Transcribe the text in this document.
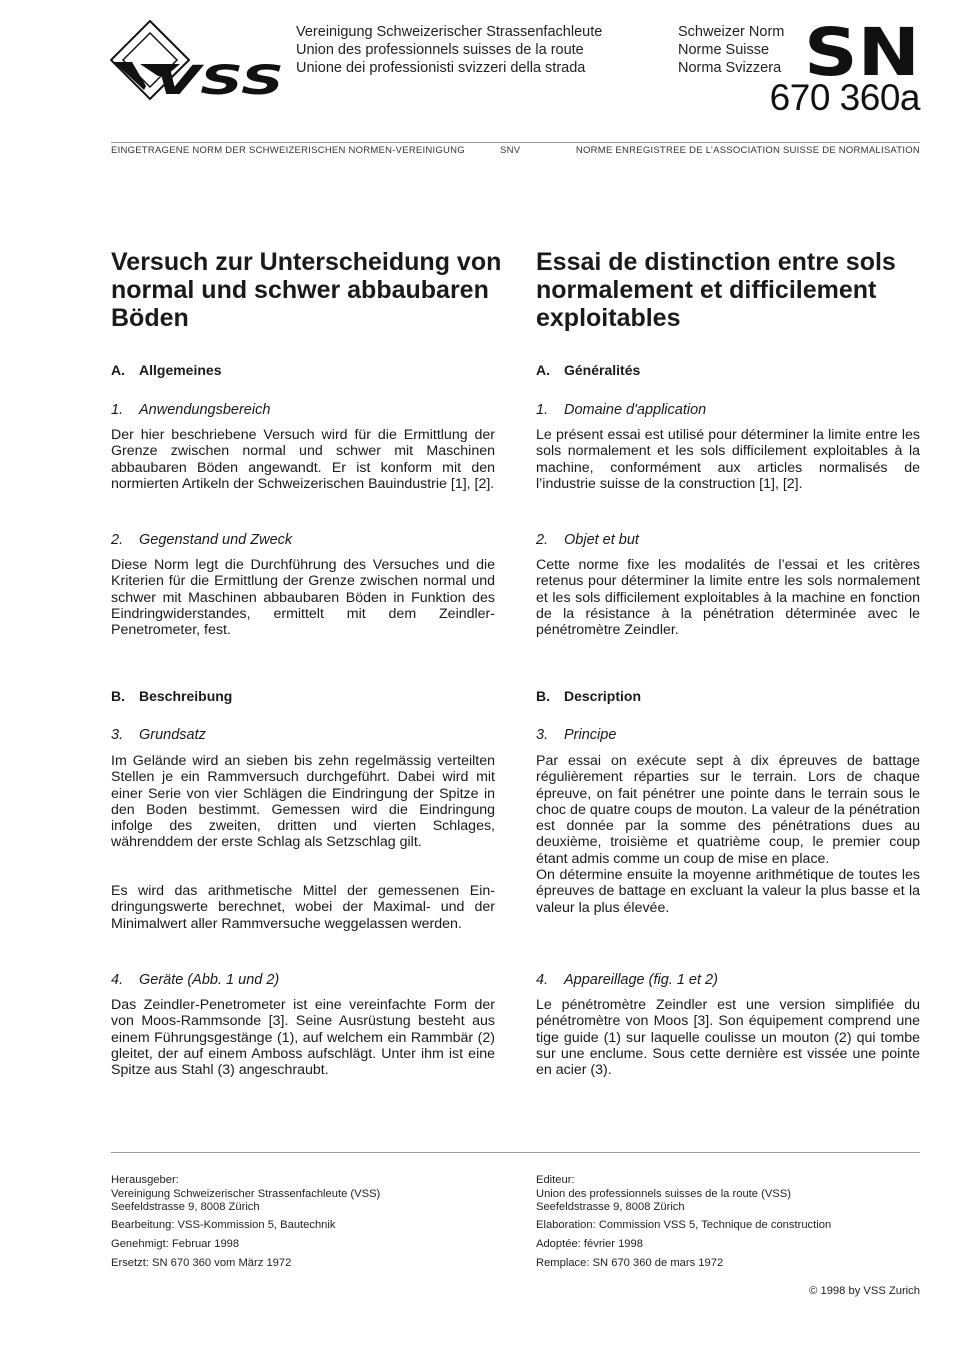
VSS
Vereinigung Schweizerischer Strassenfachleute
Union des professionnels suisses de la route
Unione dei professionisti svizzeri della strada
Schweizer Norm
Norme Suisse
Norma Svizzera SN
670 360a
EINGETRAGENE NORM DER SCHWEIZERISCHEN NORMEN-VEREINIGUNG	SNV	NORME ENREGISTREE DE L’ASSOCIATION SUISSE DE NORMALISATION
Versuch zur Unterscheidung von normal und schwer abbaubaren Böden
A. Allgemeines
1. Anwendungsbereich

Der hier beschriebene Versuch wird für die Ermittlung der Grenze zwischen normal und schwer mit Maschinen abbaubaren Böden angewandt. Er ist konform mit den normierten Artikeln der Schweizerischen Bauindustrie [1], [2].

2. Gegenstand und Zweck

Diese Norm legt die Durchführung des Versuches und die Kriterien für die Ermittlung der Grenze zwischen normal und schwer mit Maschinen abbaubaren Böden in Funktion des Eindringwiderstandes, ermittelt mit dem Zeindler-Penetrometer, fest.

B. Beschreibung
3. Grundsatz

Im Gelände wird an sieben bis zehn regelmässig verteilten Stellen je ein Rammversuch durchgeführt. Dabei wird mit einer Serie von vier Schlägen die Eindringung der Spitze in den Boden bestimmt. Gemessen wird die Eindringung infolge des zweiten, dritten und vierten Schlages, währenddem der erste Schlag als Setzschlag gilt.

Es wird das arithmetische Mittel der gemessenen Eindringungswerte berechnet, wobei der Maximal- und der Minimalwert aller Rammversuche weggelassen werden.

4. Geräte (Abb. 1 und 2)

Das Zeindler-Penetrometer ist eine vereinfachte Form der von Moos-Rammsonde [3]. Seine Ausrüstung besteht aus einem Führungsgestänge (1), auf welchem ein Rammbär (2) gleitet, der auf einem Amboss aufschlägt. Unter ihm ist eine Spitze aus Stahl (3) angeschraubt.

Essai de distinction entre sols normalement et difficilement exploitables
A. Généralités
1. Domaine d'application

Le présent essai est utilisé pour déterminer la limite entre les sols normalement et les sols difficilement exploitables à la machine, conformément aux articles normalisés de l’industrie suisse de la construction [1], [2].

2. Objet et but

Cette norme fixe les modalités de l’essai et les critères retenus pour déterminer la limite entre les sols normalement et les sols difficilement exploitables à la machine en fonction de la résistance à la pénétration déterminée avec le pénétromètre Zeindler.

B. Description
3. Principe

Par essai on exécute sept à dix épreuves de battage régulièrement réparties sur le terrain. Lors de chaque épreuve, on fait pénétrer une pointe dans le terrain sous le choc de quatre coups de mouton. La valeur de la pénétration est donnée par la somme des pénétrations dues au deuxième, troisième et quatrième coup, le premier coup étant admis comme un coup de mise en place.

On détermine ensuite la moyenne arithmétique de toutes les épreuves de battage en excluant la valeur la plus basse et la valeur la plus élevée.

4. Appareillage (fig. 1 et 2)

Le pénétromètre Zeindler est une version simplifiée du pénétromètre von Moos [3]. Son équipement comprend une tige guide (1) sur laquelle coulisse un mouton (2) qui tombe sur une enclume. Sous cette dernière est vissée une pointe en acier (3).

Herausgeber:
Vereinigung Schweizerischer Strassenfachleute (VSS)
Seefeldstrasse 9, 8008 Zürich
Bearbeitung: VSS-Kommission 5, Bautechnik
Genehmigt: Februar 1998
Ersetzt: SN 670 360 vom März 1972
Editeur:
Union des professionnels suisses de la route (VSS)
Seefeldstrasse 9, 8008 Zürich
Elaboration: Commission VSS 5, Technique de construction
Adoptée: février 1998
Remplace: SN 670 360 de mars 1972
© 1998 by VSS Zurich
